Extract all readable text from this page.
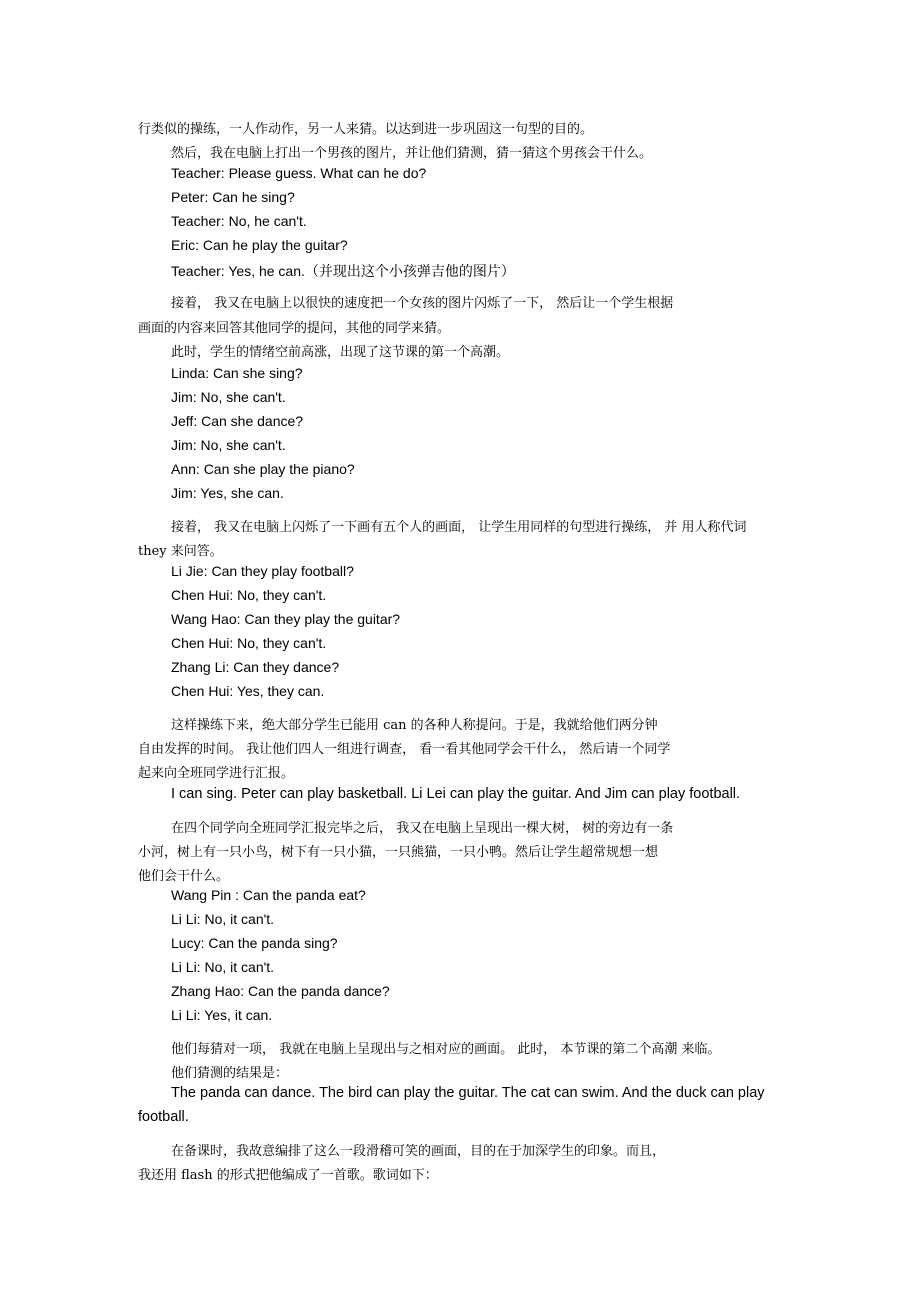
行类似的操练，一人作动作，另一人来猜。以达到进一步巩固这一句型的目的。
然后，我在电脑上打出一个男孩的图片，并让他们猜测，猜一猜这个男孩会干什么。
Teacher: Please guess. What can he do?
Peter: Can he sing?
Teacher: No, he can't.
Eric: Can he play the guitar?
Teacher: Yes, he can.（并现出这个小孩弹吉他的图片）
接着， 我又在电脑上以很快的速度把一个女孩的图片闪烁了一下， 然后让一个学生根据
画面的内容来回答其他同学的提问，其他的同学来猜。
此时，学生的情绪空前高涨，出现了这节课的第一个高潮。
Linda: Can she sing?
Jim: No, she can't.
Jeff: Can she dance?
Jim: No, she can't.
Ann: Can she play the piano?
Jim: Yes, she can.
接着， 我又在电脑上闪烁了一下画有五个人的画面， 让学生用同样的句型进行操练， 并 用人称代词
they 来问答。
Li Jie: Can they play football?
Chen Hui: No, they can't.
Wang Hao: Can they play the guitar?
Chen Hui: No, they can't.
Zhang Li: Can they dance?
Chen Hui: Yes, they can.
这样操练下来，绝大部分学生已能用 can 的各种人称提问。于是，我就给他们两分钟
自由发挥的时间。 我让他们四人一组进行调查， 看一看其他同学会干什么， 然后请一个同学
起来向全班同学进行汇报。
I can sing. Peter can play basketball. Li Lei can play the guitar. And Jim can play football.
在四个同学向全班同学汇报完毕之后， 我又在电脑上呈现出一棵大树， 树的旁边有一条
小河，树上有一只小鸟，树下有一只小猫，一只熊猫，一只小鸭。然后让学生超常规想一想
他们会干什么。
Wang Pin : Can the panda eat?
Li Li: No, it can't.
Lucy: Can the panda sing?
Li Li: No, it can't.
Zhang Hao: Can the panda dance?
Li Li: Yes, it can.
他们每猜对一项， 我就在电脑上呈现出与之相对应的画面。 此时， 本节课的第二个高潮 来临。
他们猜测的结果是：
The panda can dance. The bird can play the guitar. The cat can swim. And the duck can play
football.
在备课时，我故意编排了这么一段滑稽可笑的画面，目的在于加深学生的印象。而且，
我还用 flash 的形式把他编成了一首歌。歌词如下：
